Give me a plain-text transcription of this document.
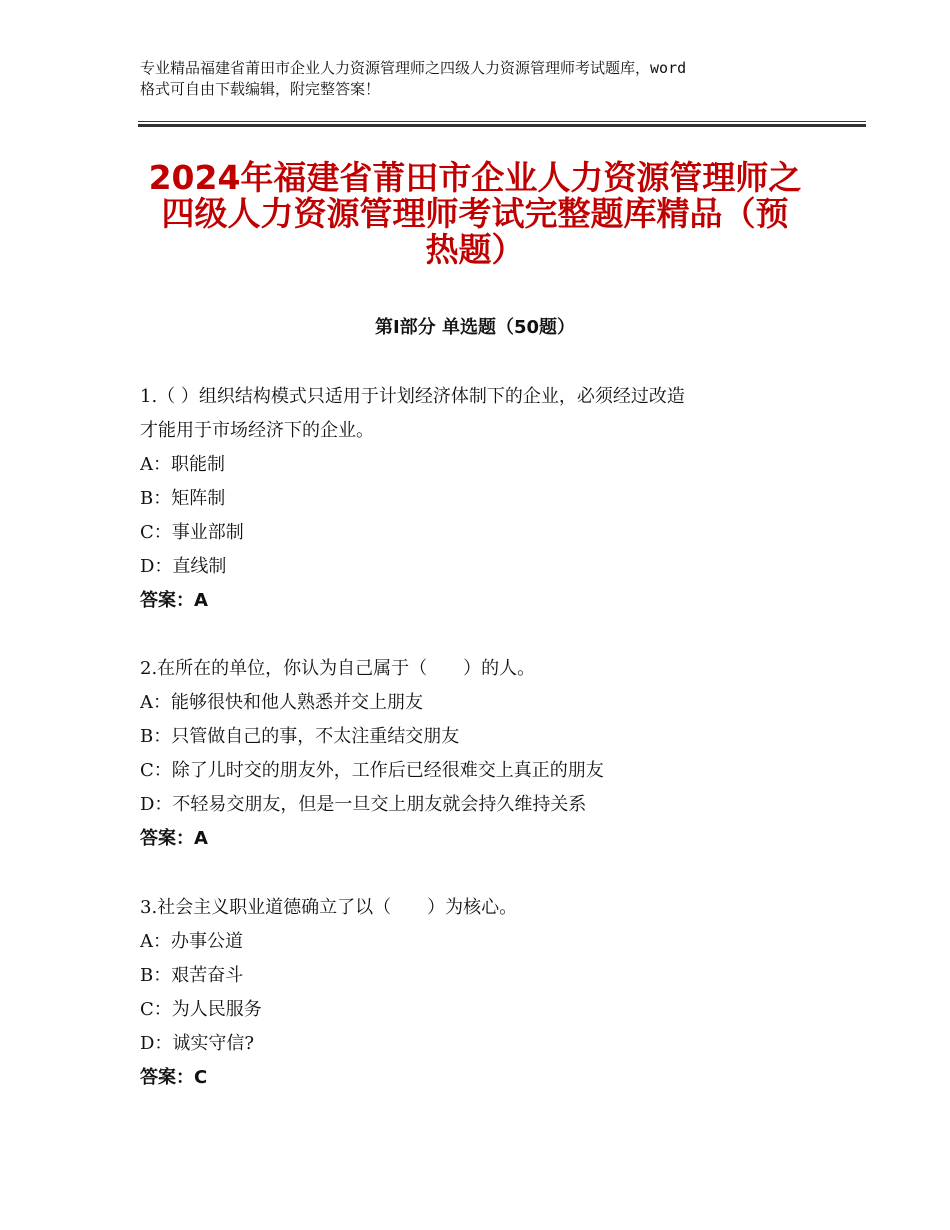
专业精品福建省莆田市企业人力资源管理师之四级人力资源管理师考试题库，word
格式可自由下载编辑，附完整答案！
2024年福建省莆田市企业人力资源管理师之
四级人力资源管理师考试完整题库精品（预
热题）
第Ⅰ部分 单选题（50题）
1.（ ）组织结构模式只适用于计划经济体制下的企业，必须经过改造
才能用于市场经济下的企业。
A：职能制
B：矩阵制
C：事业部制
D：直线制
答案：A
2.在所在的单位，你认为自己属于（　　）的人。
A：能够很快和他人熟悉并交上朋友
B：只管做自己的事，不太注重结交朋友
C：除了儿时交的朋友外，工作后已经很难交上真正的朋友
D：不轻易交朋友，但是一旦交上朋友就会持久维持关系
答案：A
3.社会主义职业道德确立了以（　　）为核心。
A：办事公道
B：艰苦奋斗
C：为人民服务
D：诚实守信?
答案：C
